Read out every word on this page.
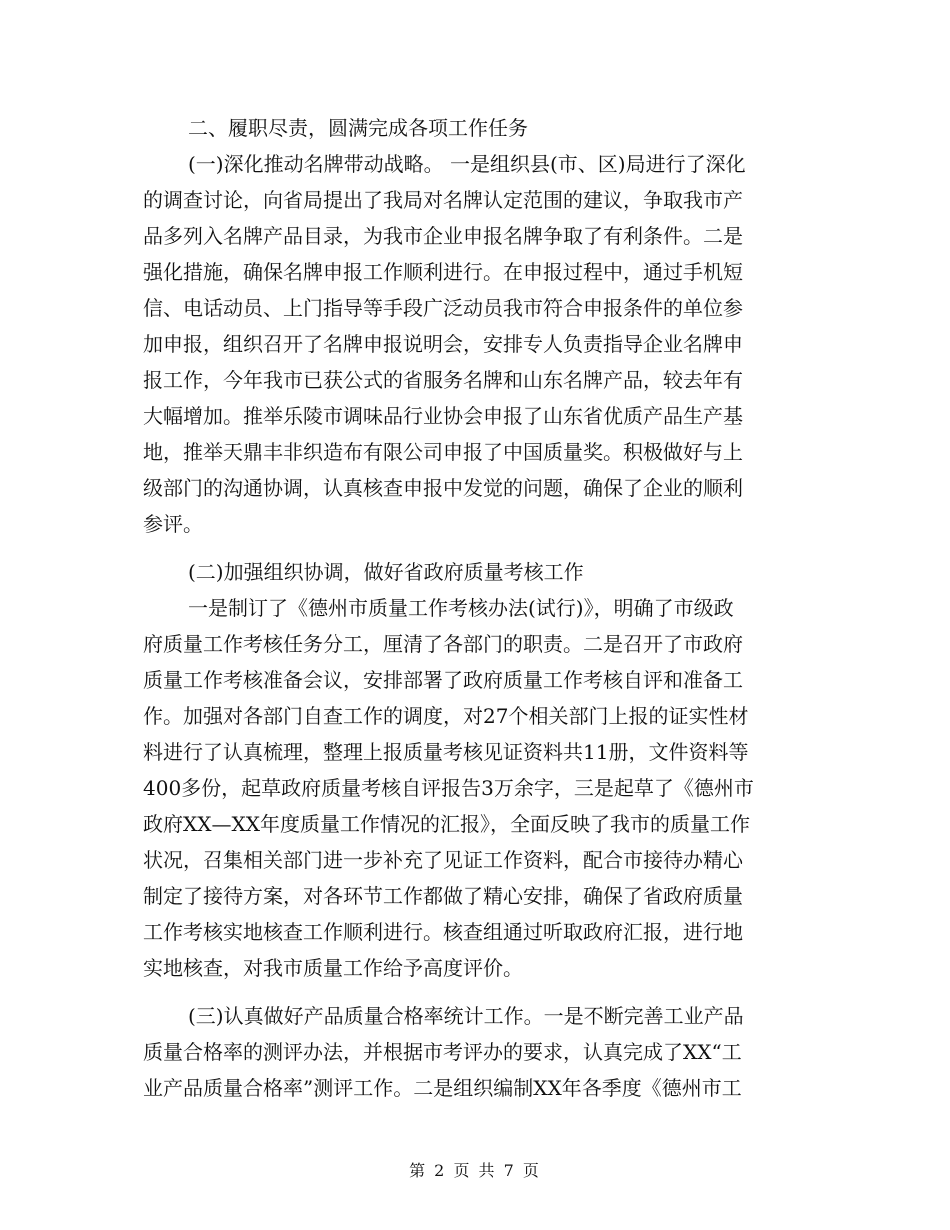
二、履职尽责，圆满完成各项工作任务
(一)深化推动名牌带动战略。 一是组织县(市、区)局进行了深化
的调查讨论，向省局提出了我局对名牌认定范围的建议，争取我市产
品多列入名牌产品目录，为我市企业申报名牌争取了有利条件。二是
强化措施，确保名牌申报工作顺利进行。在申报过程中，通过手机短
信、电话动员、上门指导等手段广泛动员我市符合申报条件的单位参
加申报，组织召开了名牌申报说明会，安排专人负责指导企业名牌申
报工作，今年我市已获公式的省服务名牌和山东名牌产品，较去年有
大幅增加。推举乐陵市调味品行业协会申报了山东省优质产品生产基
地，推举天鼎丰非织造布有限公司申报了中国质量奖。积极做好与上
级部门的沟通协调，认真核查申报中发觉的问题，确保了企业的顺利
参评。
(二)加强组织协调，做好省政府质量考核工作
一是制订了《德州市质量工作考核办法(试行)》，明确了市级政
府质量工作考核任务分工，厘清了各部门的职责。二是召开了市政府
质量工作考核准备会议，安排部署了政府质量工作考核自评和准备工
作。加强对各部门自查工作的调度，对27个相关部门上报的证实性材
料进行了认真梳理，整理上报质量考核见证资料共11册，文件资料等
400多份，起草政府质量考核自评报告3万余字，三是起草了《德州市
政府XX—XX年度质量工作情况的汇报》，全面反映了我市的质量工作
状况，召集相关部门进一步补充了见证工作资料，配合市接待办精心
制定了接待方案，对各环节工作都做了精心安排，确保了省政府质量
工作考核实地核查工作顺利进行。核查组通过听取政府汇报，进行地
实地核查，对我市质量工作给予高度评价。
(三)认真做好产品质量合格率统计工作。一是不断完善工业产品
质量合格率的测评办法，并根据市考评办的要求，认真完成了XX“工
业产品质量合格率”测评工作。二是组织编制XX年各季度《德州市工
第 2 页 共 7 页
